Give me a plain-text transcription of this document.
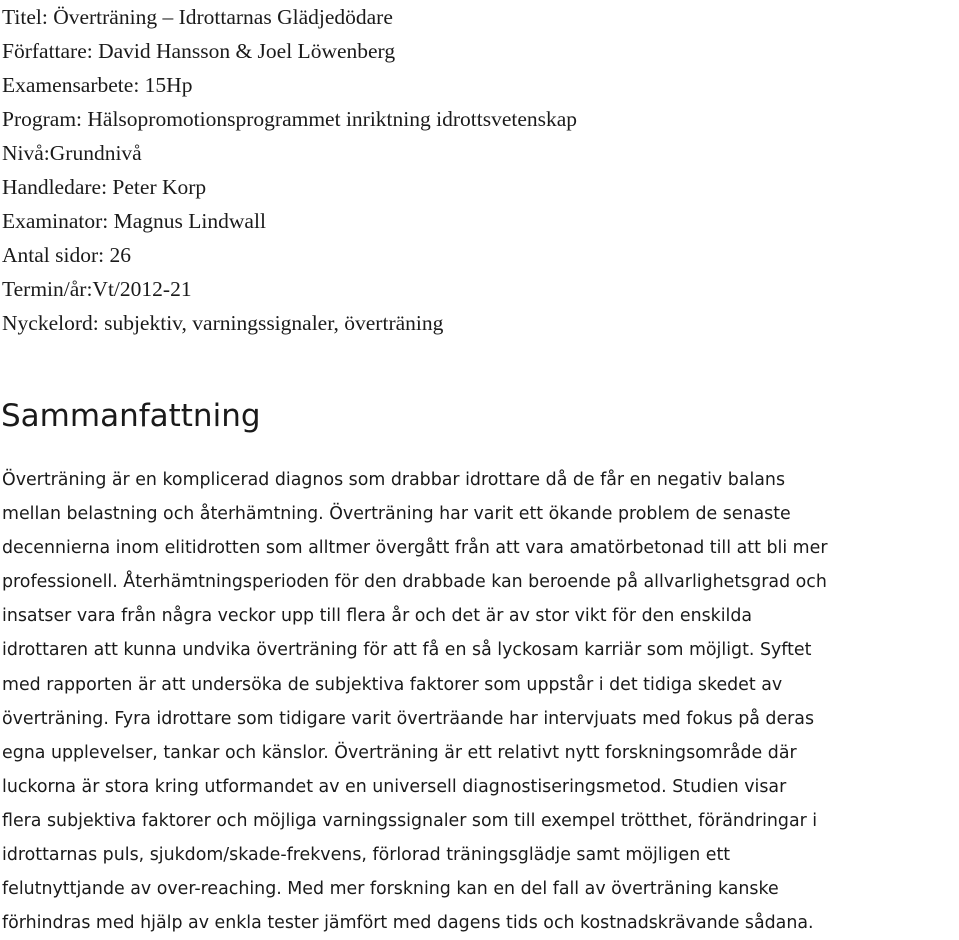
Titel: Överträning – Idrottarnas Glädjedödare
Författare: David Hansson & Joel Löwenberg
Examensarbete: 15Hp
Program: Hälsopromotionsprogrammet inriktning idrottsvetenskap
Nivå:Grundnivå
Handledare: Peter Korp
Examinator: Magnus Lindwall
Antal sidor: 26
Termin/år:Vt/2012-21
Nyckelord: subjektiv, varningssignaler, överträning
Sammanfattning

Överträning är en komplicerad diagnos som drabbar idrottare då de får en negativ balans
mellan belastning och återhämtning. Överträning har varit ett ökande problem de senaste
decennierna inom elitidrotten som alltmer övergått från att vara amatörbetonad till att bli mer
professionell. Återhämtningsperioden för den drabbade kan beroende på allvarlighetsgrad och
insatser vara från några veckor upp till flera år och det är av stor vikt för den enskilda
idrottaren att kunna undvika överträning för att få en så lyckosam karriär som möjligt. Syftet
med rapporten är att undersöka de subjektiva faktorer som uppstår i det tidiga skedet av
överträning. Fyra idrottare som tidigare varit överträande har intervjuats med fokus på deras
egna upplevelser, tankar och känslor. Överträning är ett relativt nytt forskningsområde där
luckorna är stora kring utformandet av en universell diagnostiseringsmetod. Studien visar
flera subjektiva faktorer och möjliga varningssignaler som till exempel trötthet, förändringar i
idrottarnas puls, sjukdom/skade-frekvens, förlorad träningsglädje samt möjligen ett
felutnyttjande av over-reaching. Med mer forskning kan en del fall av överträning kanske
förhindras med hjälp av enkla tester jämfört med dagens tids och kostnadskrävande sådana.
